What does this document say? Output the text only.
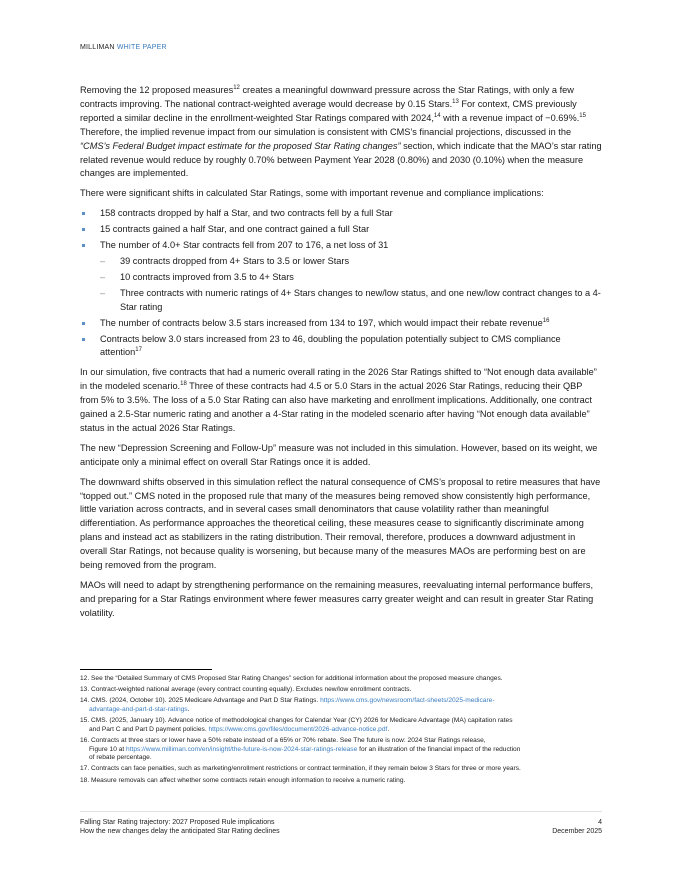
MILLIMAN WHITE PAPER

Removing the 12 proposed measures$^{12}$ creates a meaningful downward pressure across the Star Ratings, with only a few contracts improving. The national contract-weighted average would decrease by 0.15 Stars.$^{13}$ For context, CMS previously reported a similar decline in the enrollment-weighted Star Ratings compared with 2024,14 with a revenue impact of −0.69%.$^{15}$ Therefore, the implied revenue impact from our simulation is consistent with CMS’s financial projections, discussed in the “CMS’s Federal Budget impact estimate for the proposed Star Rating changes” section, which indicate that the MAO’s star rating related revenue would reduce by roughly 0.70% between Payment Year 2028 (0.80%) and 2030 (0.10%) when the measure changes are implemented.

There were significant shifts in calculated Star Ratings, some with important revenue and compliance implications:

158 contracts dropped by half a Star, and two contracts fell by a full Star
15 contracts gained a half Star, and one contract gained a full Star
The number of 4.0+ Star contracts fell from 207 to 176, a net loss of 31
– 39 contracts dropped from 4+ Stars to 3.5 or lower Stars
– 10 contracts improved from 3.5 to 4+ Stars
– Three contracts with numeric ratings of 4+ Stars changes to new/low status, and one new/low contract changes to a 4-Star rating
The number of contracts below 3.5 stars increased from 134 to 197, which would impact their rebate revenue$^{16}$
Contracts below 3.0 stars increased from 23 to 46, doubling the population potentially subject to CMS compliance attention$^{17}$

In our simulation, five contracts that had a numeric overall rating in the 2026 Star Ratings shifted to “Not enough data available” in the modeled scenario.$^{18}$ Three of these contracts had 4.5 or 5.0 Stars in the actual 2026 Star Ratings, reducing their QBP from 5% to 3.5%. The loss of a 5.0 Star Rating can also have marketing and enrollment implications. Additionally, one contract gained a 2.5-Star numeric rating and another a 4-Star rating in the modeled scenario after having “Not enough data available” status in the actual 2026 Star Ratings.

The new “Depression Screening and Follow-Up” measure was not included in this simulation. However, based on its weight, we anticipate only a minimal effect on overall Star Ratings once it is added.

The downward shifts observed in this simulation reflect the natural consequence of CMS’s proposal to retire measures that have “topped out.” CMS noted in the proposed rule that many of the measures being removed show consistently high performance, little variation across contracts, and in several cases small denominators that cause volatility rather than meaningful differentiation. As performance approaches the theoretical ceiling, these measures cease to significantly discriminate among plans and instead act as stabilizers in the rating distribution. Their removal, therefore, produces a downward adjustment in overall Star Ratings, not because quality is worsening, but because many of the measures MAOs are performing best on are being removed from the program.

MAOs will need to adapt by strengthening performance on the remaining measures, reevaluating internal performance buffers, and preparing for a Star Ratings environment where fewer measures carry greater weight and can result in greater Star Rating volatility.

12. See the “Detailed Summary of CMS Proposed Star Rating Changes” section for additional information about the proposed measure changes.
13. Contract-weighted national average (every contract counting equally). Excludes new/low enrollment contracts.
14. CMS. (2024, October 10). 2025 Medicare Advantage and Part D Star Ratings. https://www.cms.gov/newsroom/fact-sheets/2025-medicare-
advantage-and-part-d-star-ratings.
15. CMS. (2025, January 10). Advance notice of methodological changes for Calendar Year (CY) 2026 for Medicare Advantage (MA) capitation rates
and Part C and Part D payment policies. https://www.cms.gov/files/document/2026-advance-notice.pdf.
16. Contracts at three stars or lower have a 50% rebate instead of a 65% or 70% rebate. See The future is now: 2024 Star Ratings release,
Figure 10 at https://www.milliman.com/en/insight/the-future-is-now-2024-star-ratings-release for an illustration of the financial impact of the reduction
of rebate percentage.
17. Contracts can face penalties, such as marketing/enrollment restrictions or contract termination, if they remain below 3 Stars for three or more years.
18. Measure removals can affect whether some contracts retain enough information to receive a numeric rating.
Falling Star Rating trajectory: 2027 Proposed Rule implications
How the new changes delay the anticipated Star Rating declines
4
December 2025
